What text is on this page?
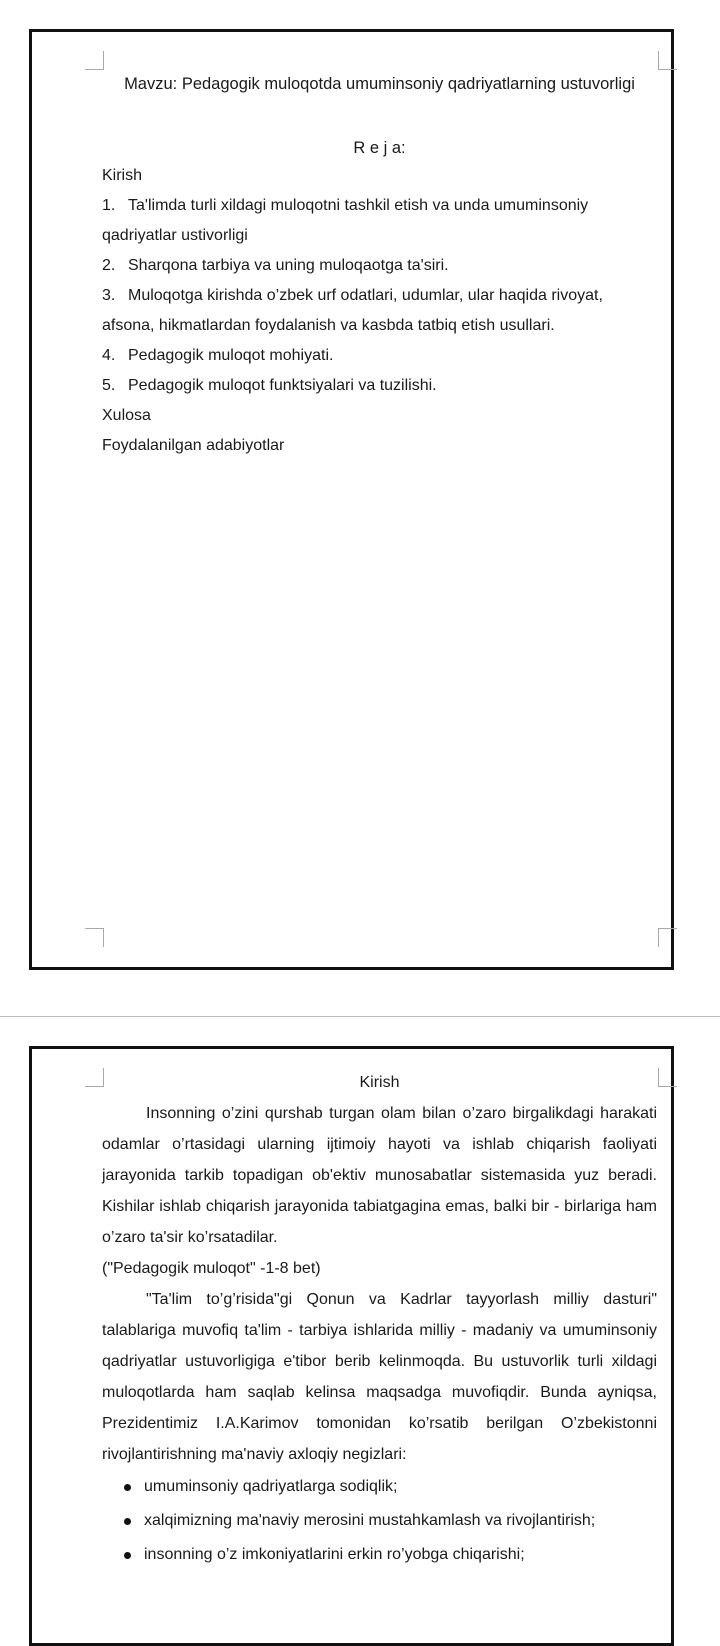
Mavzu: Pedagogik muloqotda umuminsoniy qadriyatlarning ustuvorligi

R e j a:

Kirish

1. Ta'limda turli xildagi muloqotni tashkil etish va unda umuminsoniy

qadriyatlar ustivorligi

2. Sharqona tarbiya va uning muloqaotga ta'siri.

3. Muloqotga kirishda o’zbek urf odatlari, udumlar, ular haqida rivoyat,

afsona, hikmatlardan foydalanish va kasbda tatbiq etish usullari.

4. Pedagogik muloqot mohiyati.

5. Pedagogik muloqot funktsiyalari va tuzilishi.

Xulosa

Foydalanilgan adabiyotlar

Kirish

Insonning o’zini qurshab turgan olam bilan o’zaro birgalikdagi harakati odamlar o’rtasidagi ularning ijtimoiy hayoti va ishlab chiqarish faoliyati jarayonida tarkib topadigan ob'ektiv munosabatlar sistemasida yuz beradi. Kishilar ishlab chiqarish jarayonida tabiatgagina emas, balki bir - birlariga ham o’zaro ta'sir ko’rsatadilar.

("Pedagogik muloqot" -1-8 bet)

"Ta'lim to’g’risida"gi Qonun va Kadrlar tayyorlash milliy dasturi" talablariga muvofiq ta'lim - tarbiya ishlarida milliy - madaniy va umuminsoniy qadriyatlar ustuvorligiga e'tibor berib kelinmoqda. Bu ustuvorlik turli xildagi muloqotlarda ham saqlab kelinsa maqsadga muvofiqdir. Bunda ayniqsa, Prezidentimiz I.A.Karimov tomonidan ko’rsatib berilgan O’zbekistonni rivojlantirishning ma'naviy axloqiy negizlari:

umuminsoniy qadriyatlarga sodiqlik;
xalqimizning ma'naviy merosini mustahkamlash va rivojlantirish;
insonning o’z imkoniyatlarini erkin ro’yobga chiqarishi;
